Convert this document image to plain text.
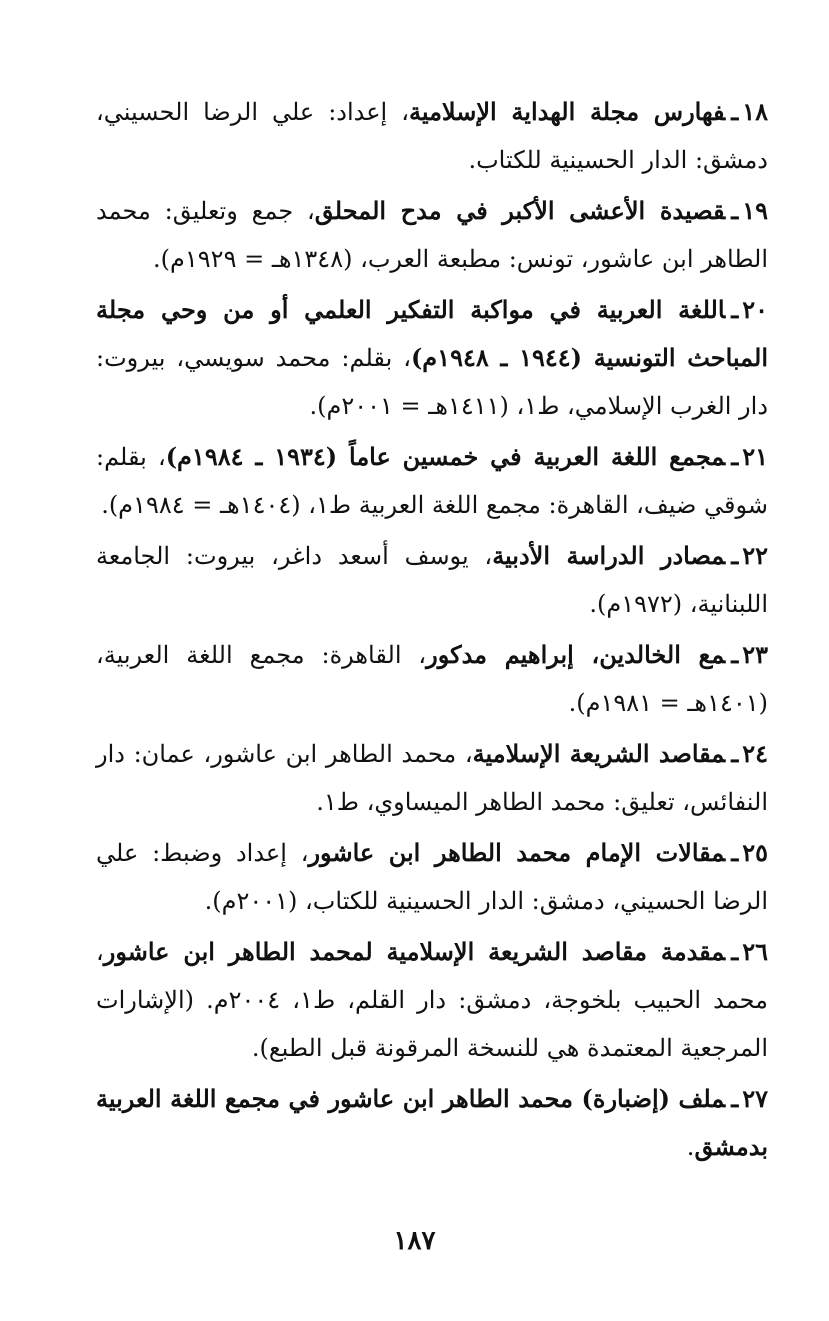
١٨ـفهارس مجلة الهداية الإسلامية، إعداد: علي الرضا الحسيني، دمشق: الدار الحسينية للكتاب.

١٩ـقصيدة الأعشى الأكبر في مدح المحلق، جمع وتعليق: محمد الطاهر ابن عاشور، تونس: مطبعة العرب، (١٣٤٨هـ = ١٩٢٩م).

٢٠ـاللغة العربية في مواكبة التفكير العلمي أو من وحي مجلة المباحث التونسية (١٩٤٤ ـ ١٩٤٨م)، بقلم: محمد سويسي، بيروت: دار الغرب الإسلامي، ط١، (١٤١١هـ = ٢٠٠١م).

٢١ـمجمع اللغة العربية في خمسين عاماً (١٩٣٤ ـ ١٩٨٤م)، بقلم: شوقي ضيف، القاهرة: مجمع اللغة العربية ط١، (١٤٠٤هـ = ١٩٨٤م).

٢٢ـمصادر الدراسة الأدبية، يوسف أسعد داغر، بيروت: الجامعة اللبنانية، (١٩٧٢م).

٢٣ـمع الخالدين، إبراهيم مدكور، القاهرة: مجمع اللغة العربية، (١٤٠١هـ = ١٩٨١م).

٢٤ـمقاصد الشريعة الإسلامية، محمد الطاهر ابن عاشور، عمان: دار النفائس، تعليق: محمد الطاهر الميساوي، ط١.

٢٥ـمقالات الإمام محمد الطاهر ابن عاشور، إعداد وضبط: علي الرضا الحسيني، دمشق: الدار الحسينية للكتاب، (٢٠٠١م).

٢٦ـمقدمة مقاصد الشريعة الإسلامية لمحمد الطاهر ابن عاشور، محمد الحبيب بلخوجة، دمشق: دار القلم، ط١، ٢٠٠٤م. (الإشارات المرجعية المعتمدة هي للنسخة المرقونة قبل الطبع).

٢٧ـملف (إضبارة) محمد الطاهر ابن عاشور في مجمع اللغة العربية بدمشق.

١٨٧
